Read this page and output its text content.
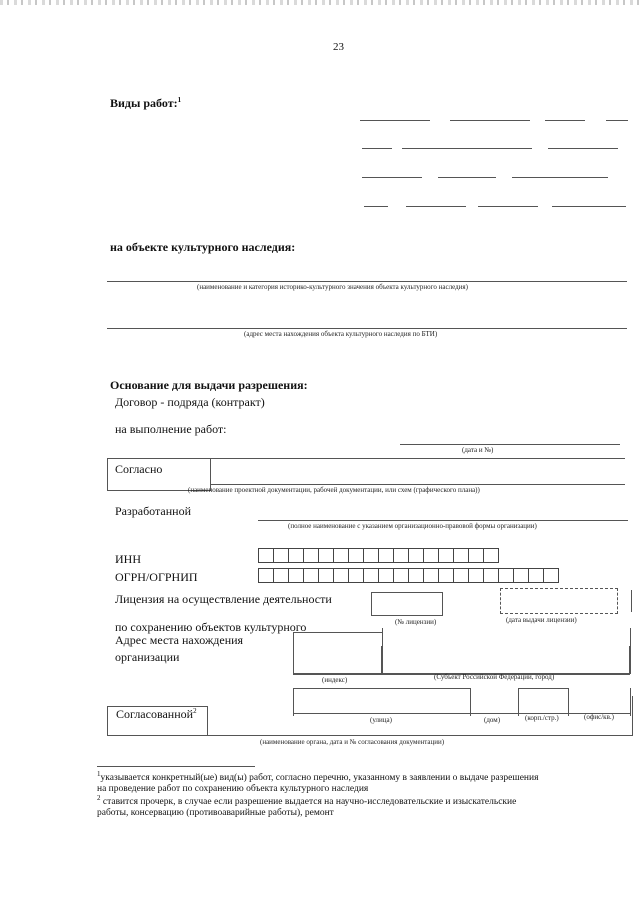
23
Виды работ:$^1$
на объекте культурного наследия:
(наименование и категория историко-культурного значения объекта культурного наследия)
(адрес места нахождения объекта культурного наследия по БТИ)
Основание для выдачи разрешения:
Договор - подряда (контракт)
на выполнение работ:
(дата и №)
Согласно
(наименование проектной документации, рабочей документации, или схем (графического плана))
Разработанной
(полное наименование с указанием организационно-правовой формы организации)
ИНН
ОГРН/ОГРНИП
Лицензия на осуществление деятельности
(№ лицензии)	(дата выдачи лицензии)
по сохранению объектов культурного
Адрес места нахождения
организации
(индекс)	(Субъект Российской Федерации, город)
(улица)	(дом)	(корп./стр.)	(офис/кв.)
Согласованной$^2$
(наименование органа, дата и № согласования документации)
$^1$указывается конкретный(ые) вид(ы) работ, согласно перечню, указанному в заявлении о выдаче разрешения
на проведение работ по сохранению объекта культурного наследия
$^2$ ставится прочерк, в случае если разрешение выдается на научно-исследовательские и изыскательские
работы, консервацию (противоаварийные работы), ремонт
